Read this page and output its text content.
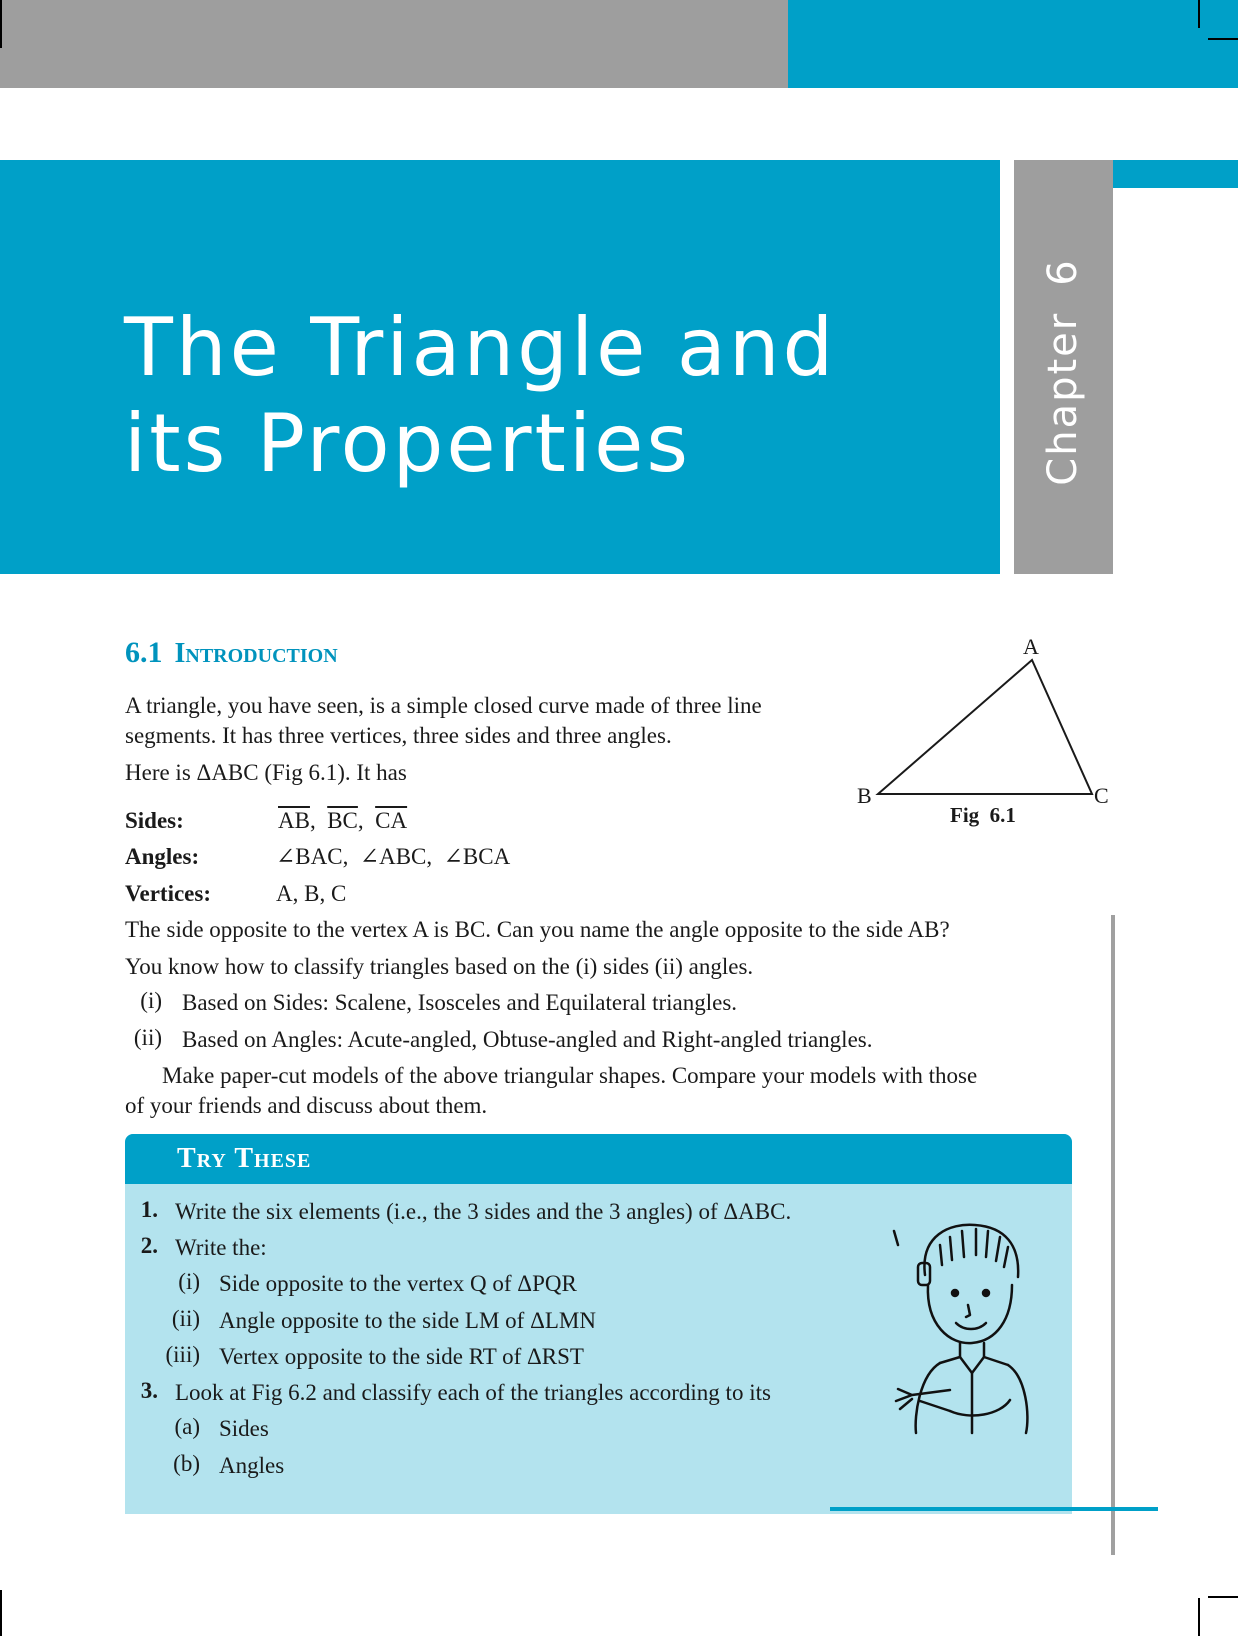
Chapter6
The Triangle and
its Properties
6.1 Introduction

A triangle, you have seen, is a simple closed curve made of three line segments. It has three vertices, three sides and three angles.

Here is ΔABC (Fig 6.1). It has

Sides:	$\overline{AB}$,  $\overline{BC}$,  $\overline{CA}$
Angles:	∠BAC,  ∠ABC,  ∠BCA
Vertices:	A, B, C
A
B	C
Fig  6.1

The side opposite to the vertex A is BC. Can you name the angle opposite to the side AB?

You know how to classify triangles based on the (i) sides (ii) angles.

(i) Based on Sides: Scalene, Isosceles and Equilateral triangles.

(ii) Based on Angles: Acute-angled, Obtuse-angled and Right-angled triangles.

Make paper-cut models of the above triangular shapes. Compare your models with those

of your friends and discuss about them.

Try These
1. Write the six elements (i.e., the 3 sides and the 3 angles) of ΔABC.

2. Write the:

(i) Side opposite to the vertex Q of ΔPQR

(ii) Angle opposite to the side LM of ΔLMN

(iii) Vertex opposite to the side RT of ΔRST

3. Look at Fig 6.2 and classify each of the triangles according to its

(a) Sides

(b) Angles
